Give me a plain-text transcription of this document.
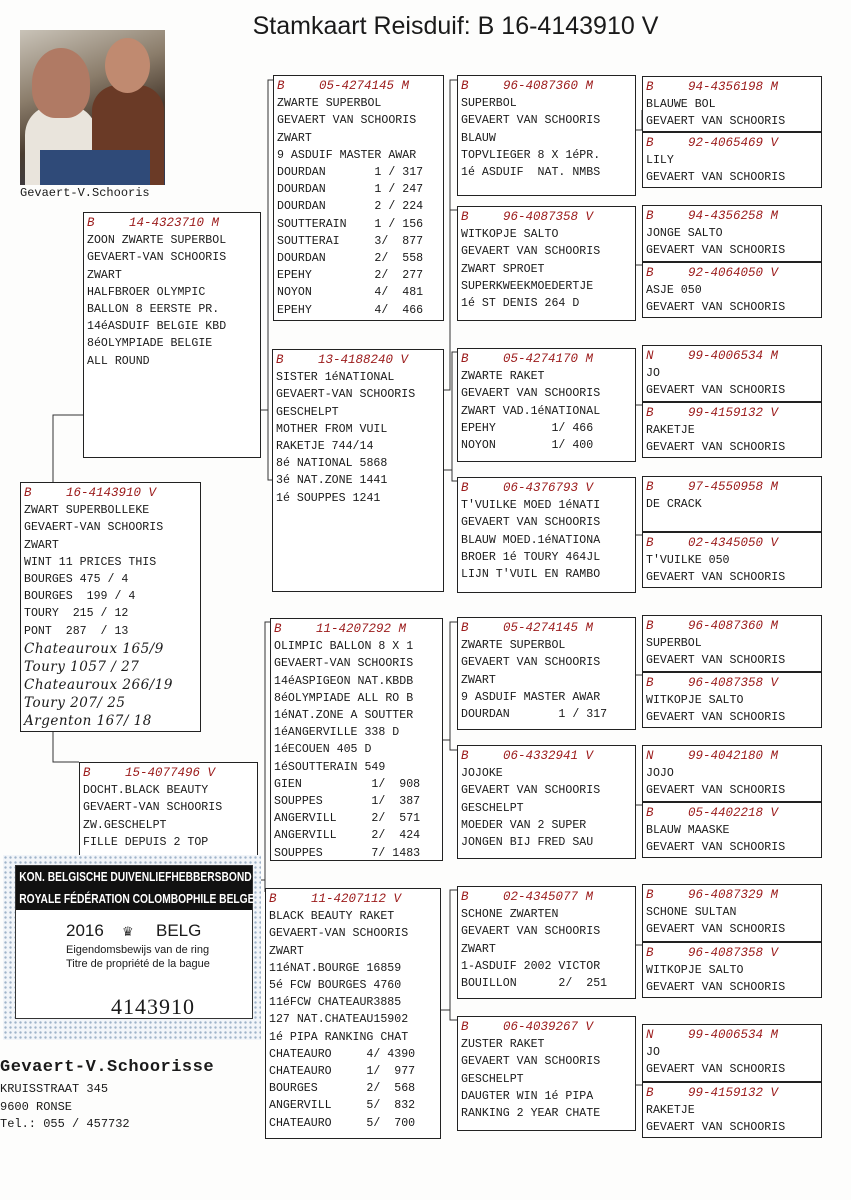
Stamkaart Reisduif: B 16-4143910 V
Gevaert-V.Schooris
B	16-4143910 V
ZWART SUPERBOLLEKE
GEVAERT-VAN SCHOORIS
ZWART
WINT 11 PRICES THIS
BOURGES 475 / 4
BOURGES  199 / 4
TOURY  215 / 12
PONT  287  / 13
Chateauroux 165/9
Toury 1057 / 27
Chateauroux 266/19
Toury 207/ 25
Argenton 167/ 18
B	14-4323710 M
ZOON ZWARTE SUPERBOL
GEVAERT-VAN SCHOORIS
ZWART
HALFBROER OLYMPIC
BALLON 8 EERSTE PR.
14éASDUIF BELGIE KBD
8éOLYMPIADE BELGIE
ALL ROUND
B	15-4077496 V
DOCHT.BLACK BEAUTY
GEVAERT-VAN SCHOORIS
ZW.GESCHELPT
FILLE DEPUIS 2 TOP
B	05-4274145 M
ZWARTE SUPERBOL
GEVAERT VAN SCHOORIS
ZWART
9 ASDUIF MASTER AWAR
DOURDAN       1 / 317
DOURDAN       1 / 247
DOURDAN       2 / 224
SOUTTERAIN    1 / 156
SOUTTERAI     3/  877
DOURDAN       2/  558
EPEHY         2/  277
NOYON         4/  481
EPEHY         4/  466
B	13-4188240 V
SISTER 1éNATIONAL
GEVAERT-VAN SCHOORIS
GESCHELPT
MOTHER FROM VUIL
RAKETJE 744/14
8é NATIONAL 5868
3é NAT.ZONE 1441
1é SOUPPES 1241
B	11-4207292 M
OLIMPIC BALLON 8 X 1
GEVAERT-VAN SCHOORIS
14éASPIGEON NAT.KBDB
8éOLYMPIADE ALL RO B
1éNAT.ZONE A SOUTTER
1éANGERVILLE 338 D
1éECOUEN 405 D
1éSOUTTERAIN 549
GIEN          1/  908
SOUPPES       1/  387
ANGERVILL     2/  571
ANGERVILL     2/  424
SOUPPES       7/ 1483
B	11-4207112 V
BLACK BEAUTY RAKET
GEVAERT-VAN SCHOORIS
ZWART
11éNAT.BOURGE 16859
5é FCW BOURGES 4760
11éFCW CHATEAUR3885
127 NAT.CHATEAU15902
1é PIPA RANKING CHAT
CHATEAURO     4/ 4390
CHATEAURO     1/  977
BOURGES       2/  568
ANGERVILL     5/  832
CHATEAURO     5/  700
B	96-4087360 M
SUPERBOL
GEVAERT VAN SCHOORIS
BLAUW
TOPVLIEGER 8 X 1éPR.
1é ASDUIF  NAT. NMBS
B	96-4087358 V
WITKOPJE SALTO
GEVAERT VAN SCHOORIS
ZWART SPROET
SUPERKWEEKMOEDERTJE
1é ST DENIS 264 D
B	05-4274170 M
ZWARTE RAKET
GEVAERT VAN SCHOORIS
ZWART VAD.1éNATIONAL
EPEHY        1/ 466
NOYON        1/ 400
B	06-4376793 V
T'VUILKE MOED 1éNATI
GEVAERT VAN SCHOORIS
BLAUW MOED.1éNATIONA
BROER 1é TOURY 464JL
LIJN T'VUIL EN RAMBO
B	05-4274145 M
ZWARTE SUPERBOL
GEVAERT VAN SCHOORIS
ZWART
9 ASDUIF MASTER AWAR
DOURDAN       1 / 317
B	06-4332941 V
JOJOKE
GEVAERT VAN SCHOORIS
GESCHELPT
MOEDER VAN 2 SUPER
JONGEN BIJ FRED SAU
B	02-4345077 M
SCHONE ZWARTEN
GEVAERT VAN SCHOORIS
ZWART
1-ASDUIF 2002 VICTOR
BOUILLON      2/  251
B	06-4039267 V
ZUSTER RAKET
GEVAERT VAN SCHOORIS
GESCHELPT
DAUGTER WIN 1é PIPA
RANKING 2 YEAR CHATE
B	94-4356198 M
BLAUWE BOL
GEVAERT VAN SCHOORIS
B	92-4065469 V
LILY
GEVAERT VAN SCHOORIS
B	94-4356258 M
JONGE SALTO
GEVAERT VAN SCHOORIS
B	92-4064050 V
ASJE 050
GEVAERT VAN SCHOORIS
N	99-4006534 M
JO
GEVAERT VAN SCHOORIS
B	99-4159132 V
RAKETJE
GEVAERT VAN SCHOORIS
B	97-4550958 M
DE CRACK
B	02-4345050 V
T'VUILKE 050
GEVAERT VAN SCHOORIS
B	96-4087360 M
SUPERBOL
GEVAERT VAN SCHOORIS
B	96-4087358 V
WITKOPJE SALTO
GEVAERT VAN SCHOORIS
N	99-4042180 M
JOJO
GEVAERT VAN SCHOORIS
B	05-4402218 V
BLAUW MAASKE
GEVAERT VAN SCHOORIS
B	96-4087329 M
SCHONE SULTAN
GEVAERT VAN SCHOORIS
B	96-4087358 V
WITKOPJE SALTO
GEVAERT VAN SCHOORIS
N	99-4006534 M
JO
GEVAERT VAN SCHOORIS
B	99-4159132 V
RAKETJE
GEVAERT VAN SCHOORIS
KON. BELGISCHE DUIVENLIEFHEBBERSBOND
ROYALE FÉDÉRATION COLOMBOPHILE BELGE
2016 ♛ BELG
Eigendomsbewijs van de ring
Titre de propriété de la bague
4143910
Gevaert-V.Schoorisse
KRUISSTRAAT 345
9600 RONSE
Tel.: 055 / 457732
